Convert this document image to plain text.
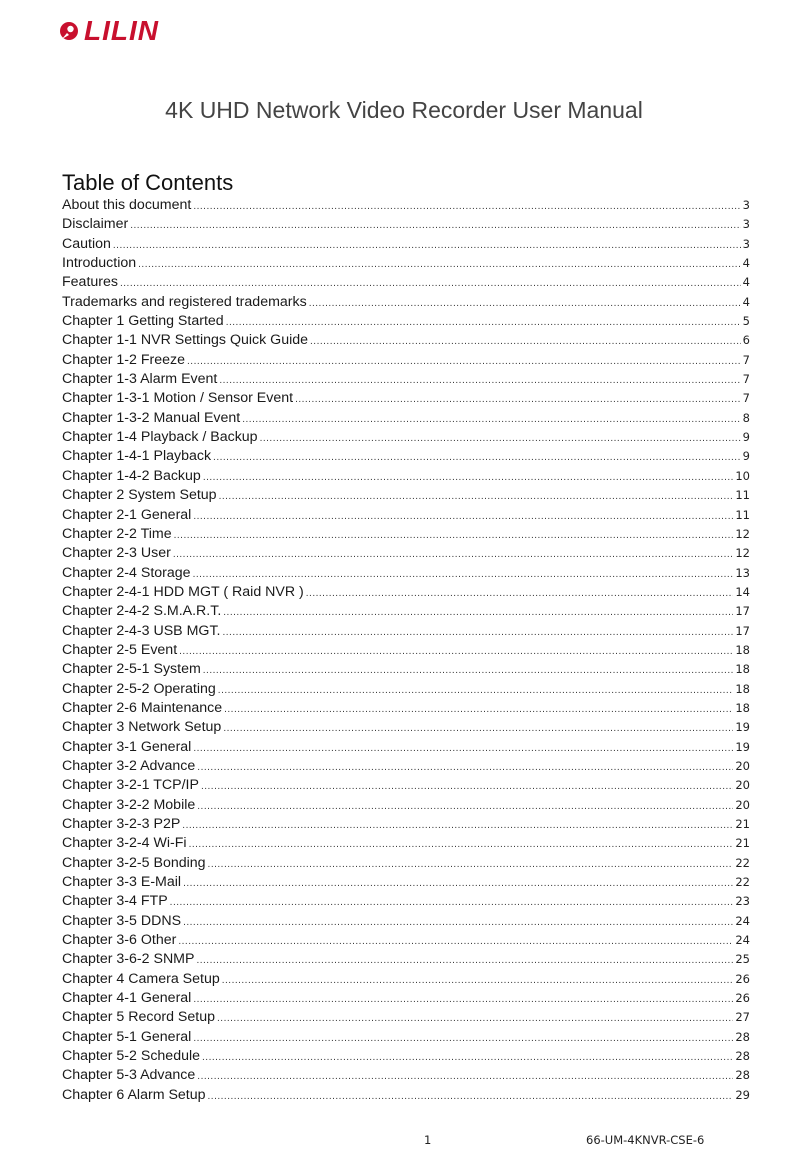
LILIN
4K UHD Network Video Recorder User Manual
Table of Contents
About this document .....	3
Disclaimer .....	3
Caution .....	3
Introduction .....	4
Features .....	4
Trademarks and registered trademarks .....	4
Chapter 1 Getting Started .....	5
Chapter 1-1 NVR Settings Quick Guide .....	6
Chapter 1-2 Freeze .....	7
Chapter 1-3 Alarm Event .....	7
Chapter 1-3-1 Motion / Sensor Event .....	7
Chapter 1-3-2 Manual Event .....	8
Chapter 1-4 Playback / Backup .....	9
Chapter 1-4-1 Playback .....	9
Chapter 1-4-2 Backup .....	10
Chapter 2 System Setup .....	11
Chapter 2-1 General .....	11
Chapter 2-2 Time .....	12
Chapter 2-3 User .....	12
Chapter 2-4 Storage .....	13
Chapter 2-4-1 HDD MGT ( Raid NVR ) .....	14
Chapter 2-4-2 S.M.A.R.T. .....	17
Chapter 2-4-3 USB MGT. .....	17
Chapter 2-5 Event .....	18
Chapter 2-5-1 System .....	18
Chapter 2-5-2 Operating .....	18
Chapter 2-6 Maintenance .....	18
Chapter 3 Network Setup .....	19
Chapter 3-1 General .....	19
Chapter 3-2 Advance .....	20
Chapter 3-2-1 TCP/IP .....	20
Chapter 3-2-2 Mobile .....	20
Chapter 3-2-3 P2P .....	21
Chapter 3-2-4 Wi-Fi .....	21
Chapter 3-2-5 Bonding .....	22
Chapter 3-3 E-Mail .....	22
Chapter 3-4 FTP .....	23
Chapter 3-5 DDNS .....	24
Chapter 3-6 Other .....	24
Chapter 3-6-2 SNMP .....	25
Chapter 4 Camera Setup .....	26
Chapter 4-1 General .....	26
Chapter 5 Record Setup .....	27
Chapter 5-1 General .....	28
Chapter 5-2 Schedule .....	28
Chapter 5-3 Advance .....	28
Chapter 6 Alarm Setup .....	29
1	66-UM-4KNVR-CSE-6
